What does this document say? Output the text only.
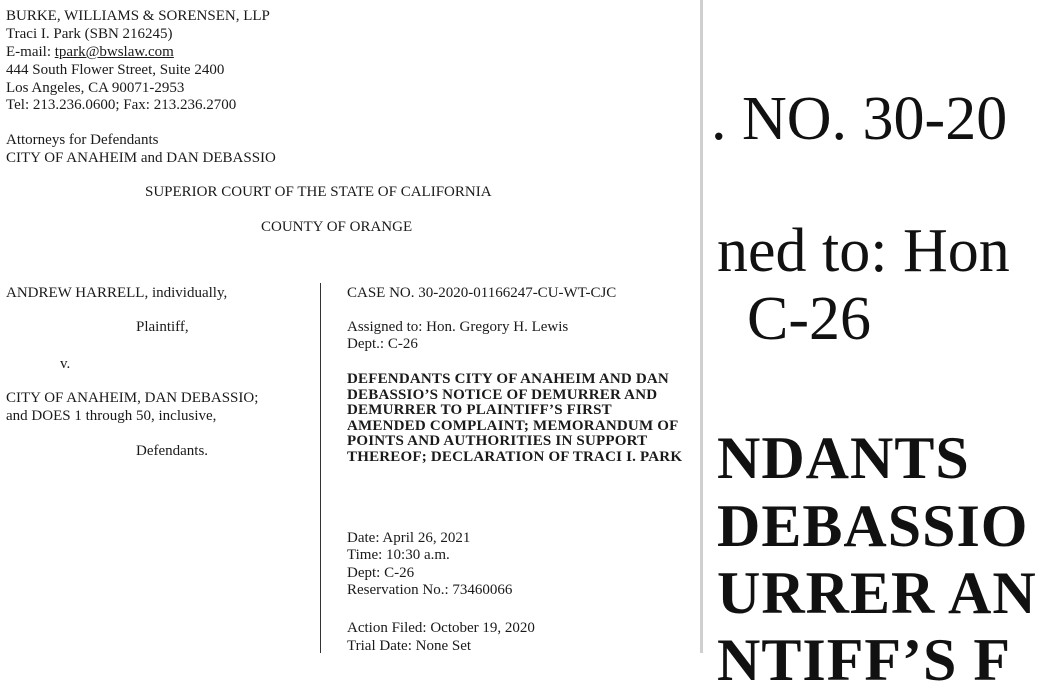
BURKE, WILLIAMS & SORENSEN, LLP
Traci I. Park (SBN 216245)
E-mail: tpark@bwslaw.com
444 South Flower Street, Suite 2400
Los Angeles, CA 90071-2953
Tel: 213.236.0600; Fax: 213.236.2700
Attorneys for Defendants
CITY OF ANAHEIM and DAN DEBASSIO
SUPERIOR COURT OF THE STATE OF CALIFORNIA
COUNTY OF ORANGE
ANDREW HARRELL, individually,
Plaintiff,
v.
CITY OF ANAHEIM, DAN DEBASSIO;
and DOES 1 through 50, inclusive,
Defendants.
CASE NO. 30-2020-01166247-CU-WT-CJC
Assigned to: Hon. Gregory H. Lewis
Dept.: C-26

DEFENDANTS CITY OF ANAHEIM AND DAN DEBASSIO’S NOTICE OF DEMURRER AND DEMURRER TO PLAINTIFF’S FIRST AMENDED COMPLAINT; MEMORANDUM OF POINTS AND AUTHORITIES IN SUPPORT THEREOF; DECLARATION OF TRACI I. PARK

Date: April 26, 2021
Time: 10:30 a.m.
Dept: C-26
Reservation No.: 73460066
Action Filed: October 19, 2020
Trial Date: None Set
. NO. 30-20
ned to: Hon
C-26
NDANTS
DEBASSIO
URRER AN
NTIFF’S F
